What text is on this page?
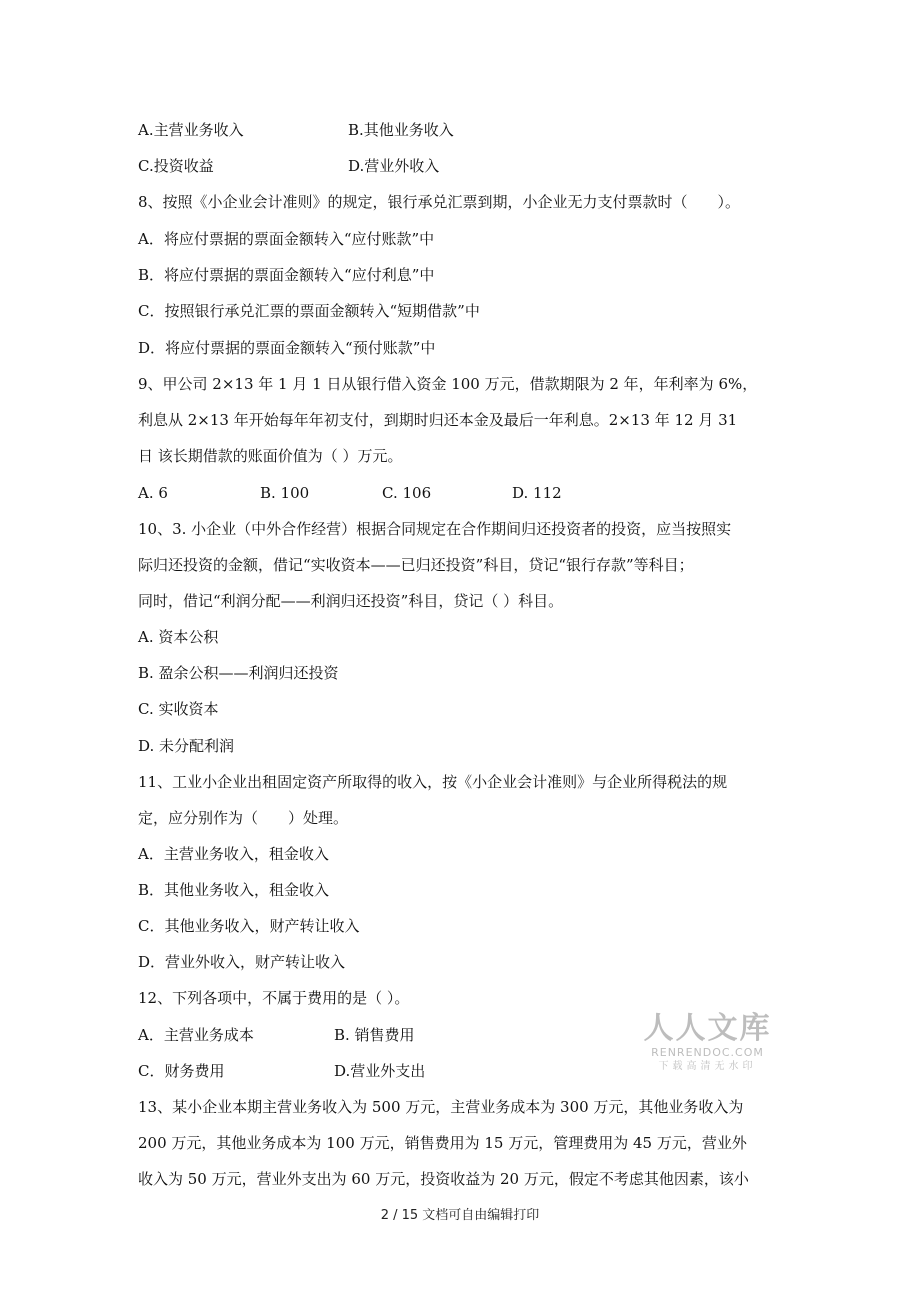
A.主营业务收入	B.其他业务收入
C.投资收益	D.营业外收入
8、按照《小企业会计准则》的规定，银行承兑汇票到期，小企业无力支付票款时（　　）。
A．将应付票据的票面金额转入“应付账款”中
B．将应付票据的票面金额转入“应付利息”中
C．按照银行承兑汇票的票面金额转入“短期借款”中
D．将应付票据的票面金额转入“预付账款”中
9、甲公司 2×13 年 1 月 1 日从银行借入资金 100 万元，借款期限为 2 年，年利率为 6%，
利息从 2×13 年开始每年年初支付，到期时归还本金及最后一年利息。2×13 年 12 月 31
日 该长期借款的账面价值为（ ）万元。
A. 6	B. 100	C. 106	D. 112
10、3. 小企业（中外合作经营）根据合同规定在合作期间归还投资者的投资，应当按照实
际归还投资的金额，借记“实收资本——已归还投资”科目，贷记“银行存款”等科目；
同时，借记“利润分配——利润归还投资”科目，贷记（ ）科目。
A. 资本公积
B. 盈余公积——利润归还投资
C. 实收资本
D. 未分配利润
11、工业小企业出租固定资产所取得的收入，按《小企业会计准则》与企业所得税法的规
定，应分别作为（　　）处理。
A．主营业务收入，租金收入
B．其他业务收入，租金收入
C．其他业务收入，财产转让收入
D．营业外收入，财产转让收入
12、下列各项中，不属于费用的是（ ）。
A．主营业务成本	B. 销售费用
C．财务费用	D.营业外支出
13、某小企业本期主营业务收入为 500 万元，主营业务成本为 300 万元，其他业务收入为
200 万元，其他业务成本为 100 万元，销售费用为 15 万元，管理费用为 45 万元，营业外
收入为 50 万元，营业外支出为 60 万元，投资收益为 20 万元，假定不考虑其他因素，该小
人人文库
RENRENDOC.COM
下载高清无水印
2 / 15 文档可自由编辑打印
